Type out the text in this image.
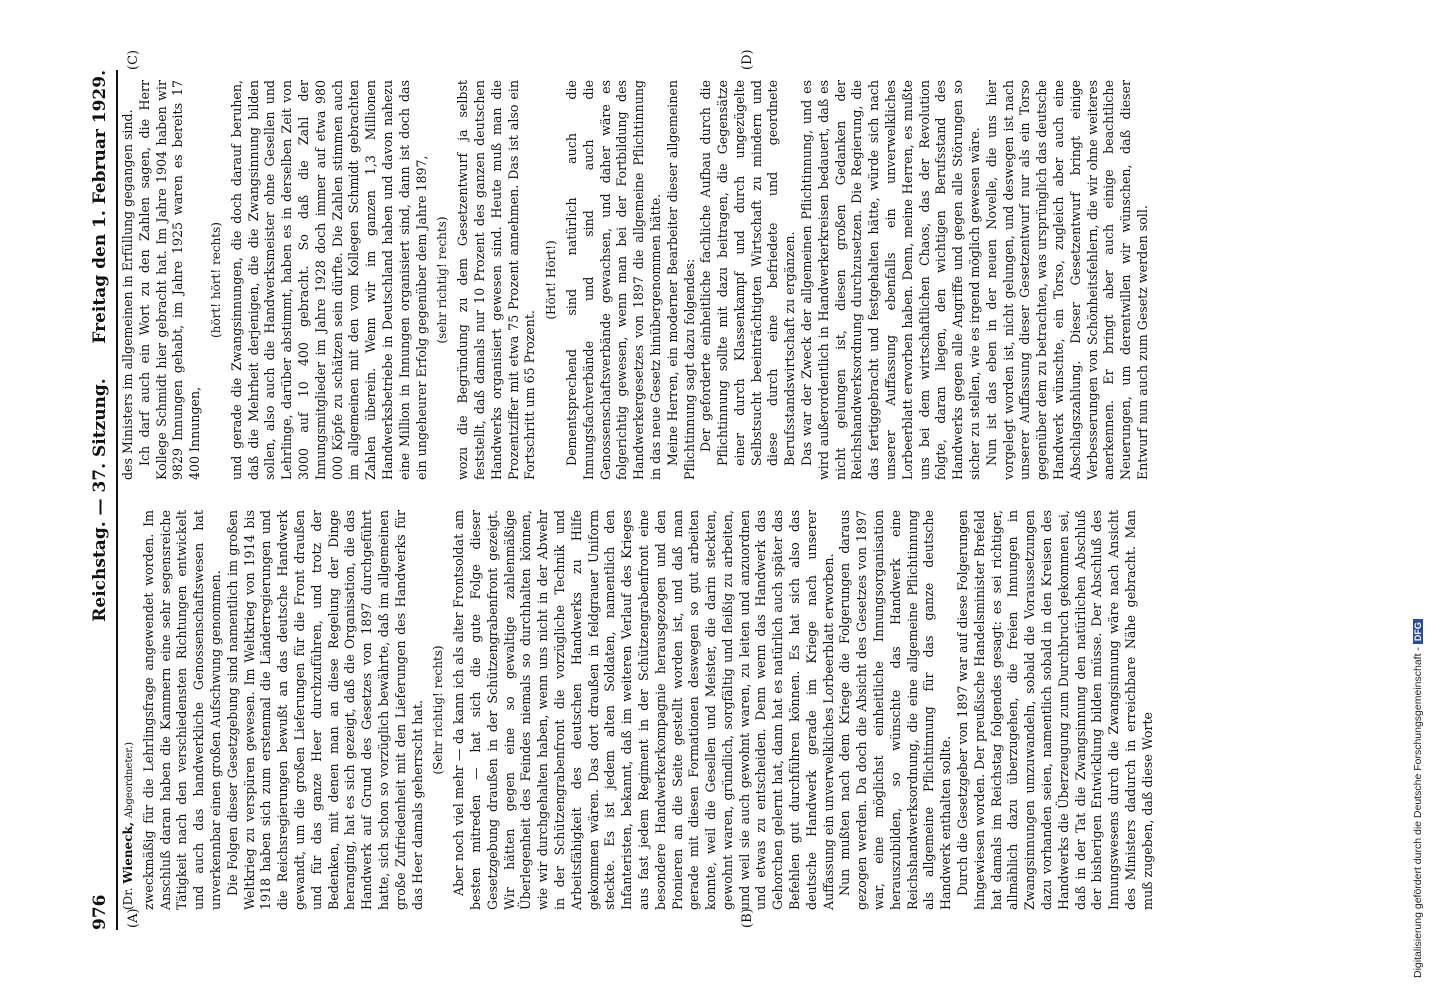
976
Reichstag. — 37. Sitzung.
Freitag den 1. Februar 1929.
(A)	(B)
(C)	(D)
(Dr. Wieneck, Abgeordneter.) zweckmäßig für die Lehrlingsfrage angewendet worden. Im Anschluß daran haben die Kammern eine sehr segensreiche Tätigkeit nach den verschiedensten Richtungen entwickelt und auch das handwerkliche Genossenschaftswesen hat unverkennbar einen großen Aufschwung genommen. Die Folgen dieser Gesetzgebung sind namentlich im großen Weltkrieg zu verspüren gewesen. Im Weltkrieg von 1914 bis 1918 haben sich zum erstenmal die Länderregierungen und die Reichsregierungen bewußt an das deutsche Handwerk gewandt, um die großen Lieferungen für die Front draußen und für das ganze Heer durchzuführen, und trotz der Bedenken, mit denen man an diese Regelung der Dinge heranging, hat es sich gezeigt, daß die Organisation, die das Handwerk auf Grund des Gesetzes von 1897 durchgeführt hatte, sich schon so vorzüglich bewährte, daß im allgemeinen große Zufriedenheit mit den Lieferungen des Handwerks für das Heer damals geherrscht hat. (Sehr richtig! rechts) Aber noch viel mehr — da kann ich als alter Frontsoldat am besten mitreden — hat sich die gute Folge dieser Gesetzgebung draußen in der Schützengrabenfront gezeigt. Wir hätten gegen eine so gewaltige zahlenmäßige Überlegenheit des Feindes niemals so durchhalten können, wie wir durchgehalten haben, wenn uns nicht in der Abwehr in der Schützengrabenfront die vorzügliche Technik und Arbeitsfähigkeit des deutschen Handwerks zu Hilfe gekommen wären. Das dort draußen in feldgrauer Uniform steckte. Es ist jedem alten Soldaten, namentlich den Infanteristen, bekannt, daß im weiteren Verlauf des Krieges aus fast jedem Regiment in der Schützengrabenfront eine besondere Handwerkerkompagnie herausgezogen und den Pionieren an die Seite gestellt worden ist, und daß man gerade mit diesen Formationen deswegen so gut arbeiten konnte, weil die Gesellen und Meister, die darin steckten, gewohnt waren, gründlich, sorgfältig und fleißig zu arbeiten, und weil sie auch gewohnt waren, zu leiten und anzuordnen und etwas zu entscheiden. Denn wenn das Handwerk das Gehorchen gelernt hat, dann hat es natürlich auch später das Befehlen gut durchführen können. Es hat sich also das deutsche Handwerk gerade im Kriege nach unserer Auffassung ein unverwelkliches Lorbeerblatt erworben. Nun mußten nach dem Kriege die Folgerungen daraus gezogen werden. Da doch die Absicht des Gesetzes von 1897 war, eine möglichst einheitliche Innungsorganisation herauszubilden, so wünschte das Handwerk eine Reichshandwerksordnung, die eine allgemeine Pflichtinnung als allgemeine Pflichtinnung für das ganze deutsche Handwerk enthalten sollte. Durch die Gesetzgeber von 1897 war auf diese Folgerungen hingewiesen worden. Der preußische Handelsminister Brefeld hat damals im Reichstag folgendes gesagt: es sei richtiger, allmählich dazu überzugehen, die freien Innungen in Zwangsinnungen umzuwandeln, sobald die Voraussetzungen dazu vorhanden seien, namentlich sobald in den Kreisen des Handwerks die Überzeugung zum Durchbruch gekommen sei, daß in der Tat die Zwangsinnung den natürlichen Abschluß der bisherigen Entwicklung bilden müsse. Der Abschluß des Innungswesens durch die Zwangsinnung wäre nach Ansicht des Ministers dadurch in erreichbare Nähe gebracht. Man muß zugeben, daß diese Worte

des Ministers im allgemeinen in Erfüllung gegangen sind. Ich darf auch ein Wort zu den Zahlen sagen, die Herr Kollege Schmidt hier gebracht hat. Im Jahre 1904 haben wir 9829 Innungen gehabt, im Jahre 1925 waren es bereits 17 400 Innungen,

(hört! hört! rechts) und gerade die Zwangsinnungen, die doch darauf beruhen, daß die Mehrheit derjenigen, die die Zwangsinnung bilden sollen, also auch die Handwerksmeister ohne Gesellen und Lehrlinge, darüber abstimmt, haben es in derselben Zeit von 3000 auf 10 400 gebracht. So daß die Zahl der Innungsmitglieder im Jahre 1928 doch immer auf etwa 980 000 Köpfe zu schätzen sein dürfte. Die Zahlen stimmen auch im allgemeinen mit den vom Kollegen Schmidt gebrachten Zahlen überein. Wenn wir im ganzen 1,3 Millionen Handwerksbetriebe in Deutschland haben und davon nahezu eine Million in Innungen organisiert sind, dann ist doch das ein ungeheurer Erfolg gegenüber dem Jahre 1897, (sehr richtig! rechts) wozu die Begründung zu dem Gesetzentwurf ja selbst feststellt, daß damals nur 10 Prozent des ganzen deutschen Handwerks organisiert gewesen sind. Heute muß man die Prozentziffer mit etwa 75 Prozent annehmen. Das ist also ein Fortschritt um 65 Prozent.

(Hört! Hört!) Dementsprechend sind natürlich auch die Innungsfachverbände und sind auch die Genossenschaftsverbände gewachsen, und daher wäre es folgerichtig gewesen, wenn man bei der Fortbildung des Handwerkergesetzes von 1897 die allgemeine Pflichtinnung in das neue Gesetz hinübergenommen hätte. Meine Herren, ein moderner Bearbeiter dieser allgemeinen Pflichtinnung sagt dazu folgendes: Der geforderte einheitliche fachliche Aufbau durch die Pflichtinnung sollte mit dazu beitragen, die Gegensätze einer durch Klassenkampf und durch ungezügelte Selbstsucht beeinträchtigten Wirtschaft zu mindern und diese durch eine befriedete und geordnete Berufsstandswirtschaft zu ergänzen. Das war der Zweck der allgemeinen Pflichtinnung, und es wird außerordentlich in Handwerkerkreisen bedauert, daß es nicht gelungen ist, diesen großen Gedanken der Reichshandwerksordnung durchzusetzen. Die Regierung, die das fertiggebracht und festgehalten hätte, würde sich nach unserer Auffassung ebenfalls ein unverwelkliches Lorbeerblatt erworben haben. Denn, meine Herren, es mußte uns bei dem wirtschaftlichen Chaos, das der Revolution folgte, daran liegen, den wichtigen Berufsstand des Handwerks gegen alle Angriffe und gegen alle Störungen so sicher zu stellen, wie es irgend möglich gewesen wäre. Nun ist das eben in der neuen Novelle, die uns hier vorgelegt worden ist, nicht gelungen, und deswegen ist nach unserer Auffassung dieser Gesetzentwurf nur als ein Torso gegenüber dem zu betrachten, was ursprünglich das deutsche Handwerk wünschte, ein Torso, zugleich aber auch eine Abschlagszahlung. Dieser Gesetzentwurf bringt einige Verbesserungen von Schönheitsfehlern, die wir ohne weiteres anerkennen. Er bringt aber auch einige beachtliche Neuerungen, um derentwillen wir wünschen, daß dieser Entwurf nun auch zum Gesetz werden soll.

Digitalisierung gefördert durch die Deutsche Forschungsgemeinschaft - DFG
